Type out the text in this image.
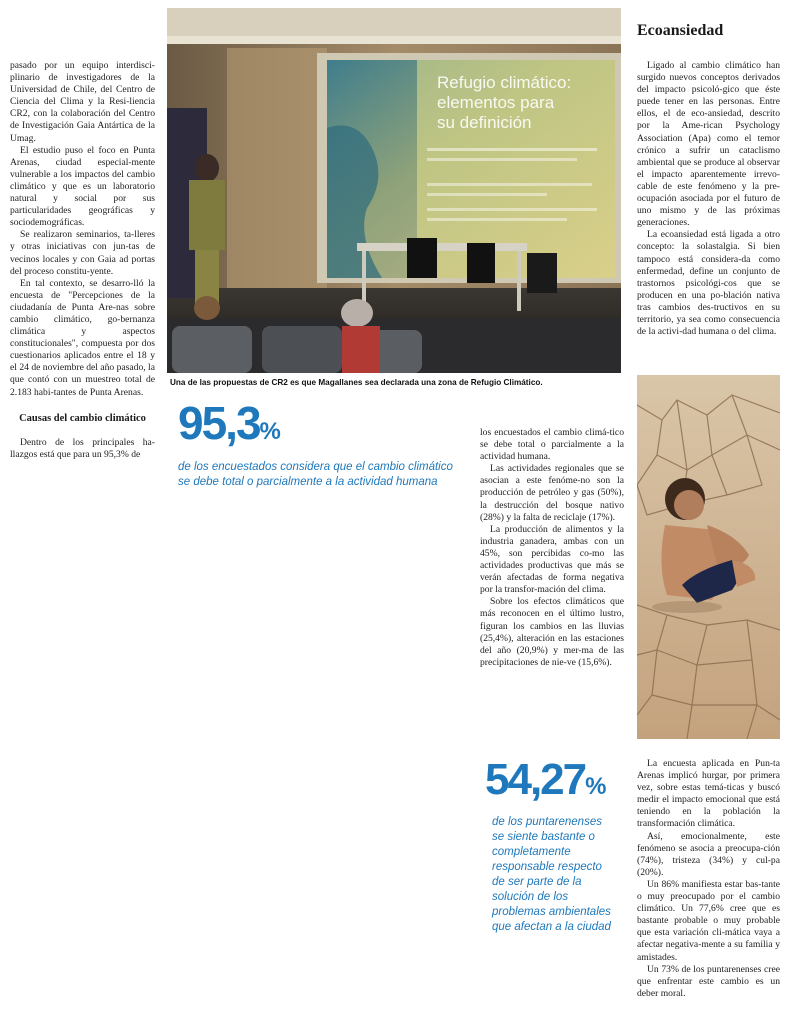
pasado por un equipo interdisci-plinario de investigadores de la Universidad de Chile, del Centro de Ciencia del Clima y la Resi-liencia CR2, con la colaboración del Centro de Investigación Gaia Antártica de la Umag.

El estudio puso el foco en Punta Arenas, ciudad especial-mente vulnerable a los impactos del cambio climático y que es un laboratorio natural y social por sus particularidades geográficas y sociodemográficas.

Se realizaron seminarios, ta-lleres y otras iniciativas con jun-tas de vecinos locales y con Gaia ad portas del proceso constitu-yente.

En tal contexto, se desarro-lló la encuesta de "Percepciones de la ciudadanía de Punta Are-nas sobre cambio climático, go-bernanza climática y aspectos constitucionales", compuesta por dos cuestionarios aplicados entre el 18 y el 24 de noviembre del año pasado, la que contó con un muestreo total de 2.183 habi-tantes de Punta Arenas.

Causas del cambio climático

Dentro de los principales ha-llazgos está que para un 95,3% de

Refugio climático:
elementos para
su definición
Una de las propuestas de CR2 es que Magallanes sea declarada una zona de Refugio Climático.
95,3%
de los encuestados considera que el cambio climático se debe total o parcialmente a la actividad humana

los encuestados el cambio climá-tico se debe total o parcialmente a la actividad humana.

Las actividades regionales que se asocian a este fenóme-no son la producción de petróleo y gas (50%), la destrucción del bosque nativo (28%) y la falta de reciclaje (17%).

La producción de alimentos y la industria ganadera, ambas con un 45%, son percibidas co-mo las actividades productivas que más se verán afectadas de forma negativa por la transfor-mación del clima.

Sobre los efectos climáticos que más reconocen en el último lustro, figuran los cambios en las lluvias (25,4%), alteración en las estaciones del año (20,9%) y mer-ma de las precipitaciones de nie-ve (15,6%).

54,27%
de los puntarenenses se siente bastante o completamente responsable respecto de ser parte de la solución de los problemas ambientales que afectan a la ciudad
Ecoansiedad

Ligado al cambio climático han surgido nuevos conceptos derivados del impacto psicoló-gico que éste puede tener en las personas. Entre ellos, el de eco-ansiedad, descrito por la Ame-rican Psychology Association (Apa) como el temor crónico a sufrir un cataclismo ambiental que se produce al observar el impacto aparentemente irrevo-cable de este fenómeno y la pre-ocupación asociada por el futuro de uno mismo y de las próximas generaciones.

La ecoansiedad está ligada a otro concepto: la solastalgia. Si bien tampoco está considera-da como enfermedad, define un conjunto de trastornos psicológi-cos que se producen en una po-blación nativa tras cambios des-tructivos en su territorio, ya sea como consecuencia de la activi-dad humana o del clima.

La encuesta aplicada en Pun-ta Arenas implicó hurgar, por primera vez, sobre estas temá-ticas y buscó medir el impacto emocional que está teniendo en la población la transformación climática.

Así, emocionalmente, este fenómeno se asocia a preocupa-ción (74%), tristeza (34%) y cul-pa (20%).

Un 86% manifiesta estar bas-tante o muy preocupado por el cambio climático. Un 77,6% cree que es bastante probable o muy probable que esta variación cli-mática vaya a afectar negativa-mente a su familia y amistades.

Un 73% de los puntarenenses cree que enfrentar este cambio es un deber moral.
